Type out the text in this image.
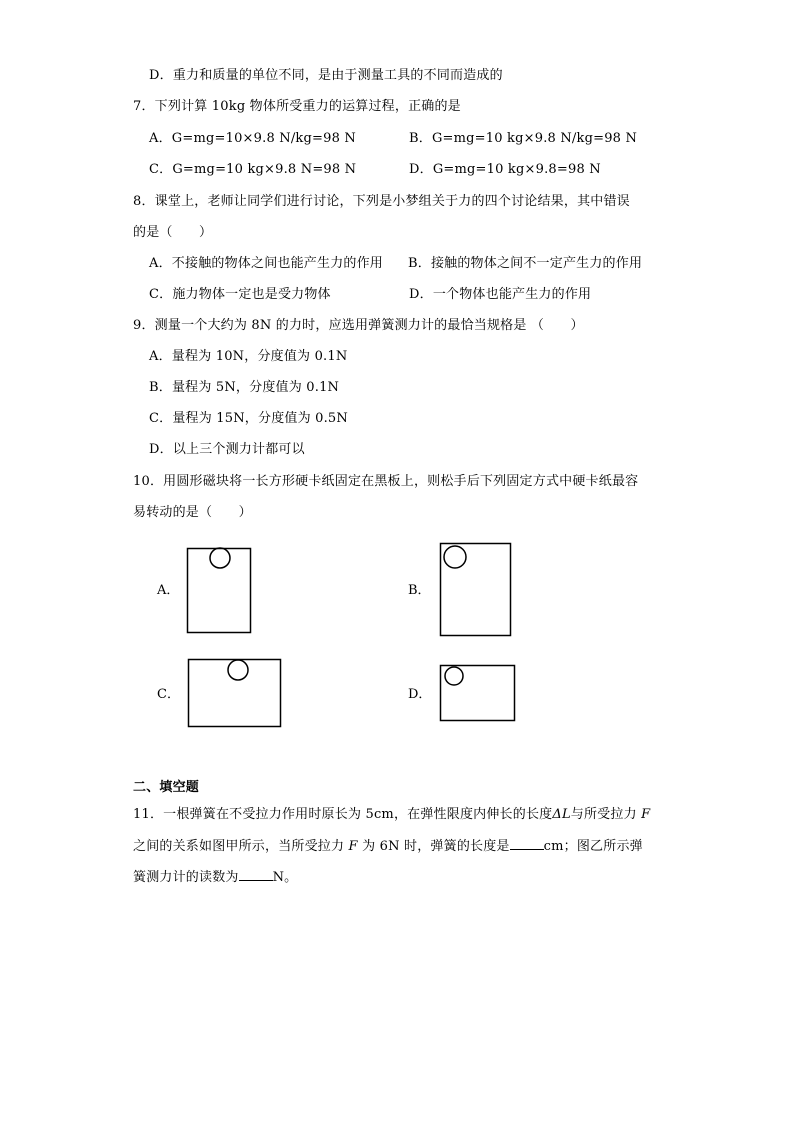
D．重力和质量的单位不同，是由于测量工具的不同而造成的
7．下列计算 10kg 物体所受重力的运算过程，正确的是
A．G=mg=10×9.8 N/kg=98 N	B．G=mg=10 kg×9.8 N/kg=98 N
C．G=mg=10 kg×9.8 N=98 N	D．G=mg=10 kg×9.8=98 N
8．课堂上，老师让同学们进行讨论，下列是小梦组关于力的四个讨论结果，其中错误
的是（　　）
A．不接触的物体之间也能产生力的作用 B．接触的物体之间不一定产生力的作用
C．施力物体一定也是受力物体	D．一个物体也能产生力的作用
9．测量一个大约为 8N 的力时，应选用弹簧测力计的最恰当规格是 （　　）
A．量程为 10N，分度值为 0.1N
B．量程为 5N，分度值为 0.1N
C．量程为 15N，分度值为 0.5N
D．以上三个测力计都可以
10．用圆形磁块将一长方形硬卡纸固定在黑板上，则松手后下列固定方式中硬卡纸最容
易转动的是（　　）
A．	B．
C．	D．
二、填空题
11．一根弹簧在不受拉力作用时原长为 5cm，在弹性限度内伸长的长度ΔL与所受拉力 F
之间的关系如图甲所示，当所受拉力 F 为 6N 时，弹簧的长度是	cm；图乙所示弹
簧测力计的读数为	N。
